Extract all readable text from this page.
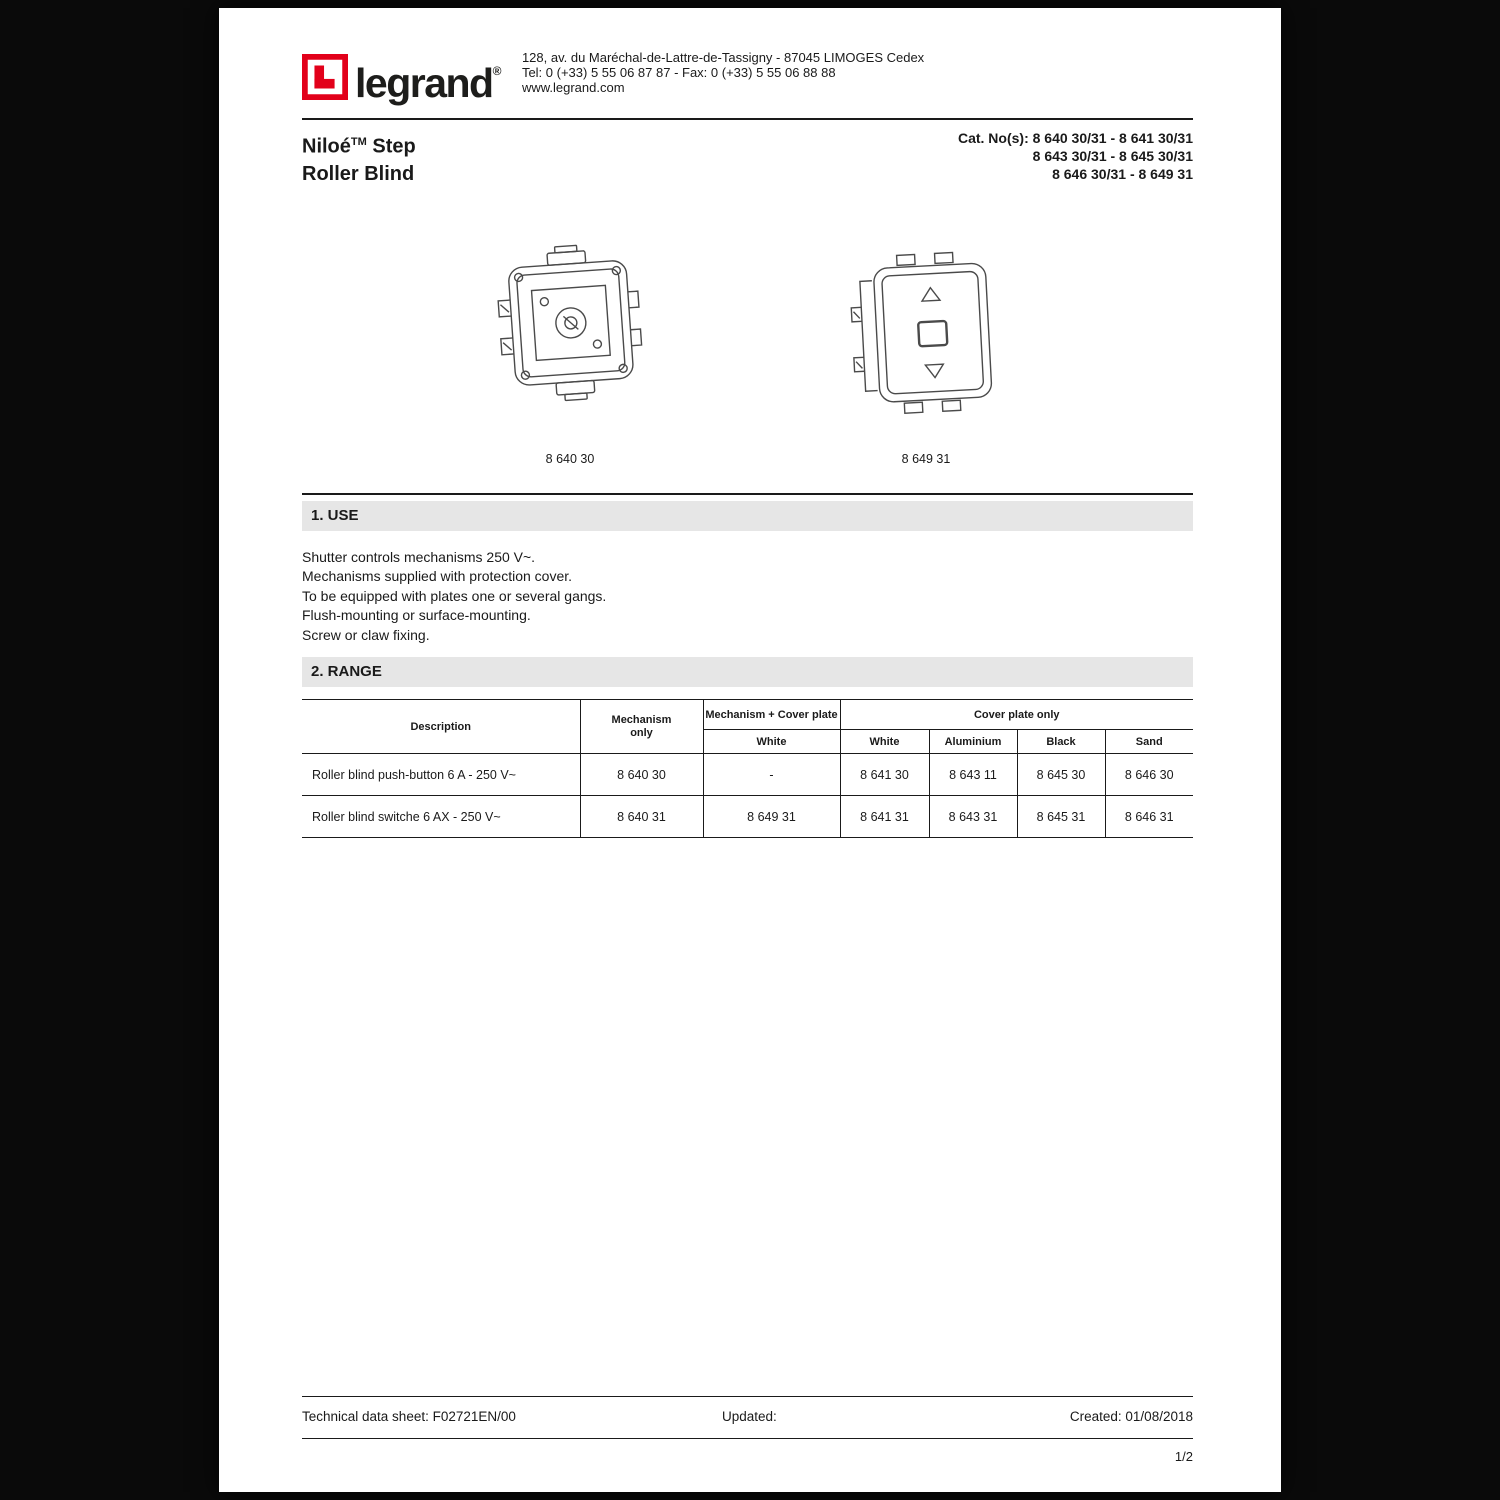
legrand®
128, av. du Maréchal-de-Lattre-de-Tassigny - 87045 LIMOGES Cedex
Tel: 0 (+33) 5 55 06 87 87 - Fax: 0 (+33) 5 55 06 88 88
www.legrand.com
Niloé™ Step
Roller Blind
Cat. No(s): 8 640 30/31 - 8 641 30/31
8 643 30/31 - 8 645 30/31
8 646 30/31 - 8 649 31
8 640 30	8 649 31
1. USE
Shutter controls mechanisms 250 V~.
Mechanisms supplied with protection cover.
To be equipped with plates one or several gangs.
Flush-mounting or surface-mounting.
Screw or claw fixing.
2. RANGE
Description	Mechanism only	Mechanism + Cover plate	Cover plate only			
		White	White	Aluminium	Black	Sand
Roller blind push-button 6 A - 250 V~	8 640 30	-	8 641 30	8 643 11	8 645 30	8 646 30
Roller blind switche 6 AX - 250 V~	8 640 31	8 649 31	8 641 31	8 643 31	8 645 31	8 646 31
Technical data sheet: F02721EN/00	Updated:	Created: 01/08/2018
1/2
